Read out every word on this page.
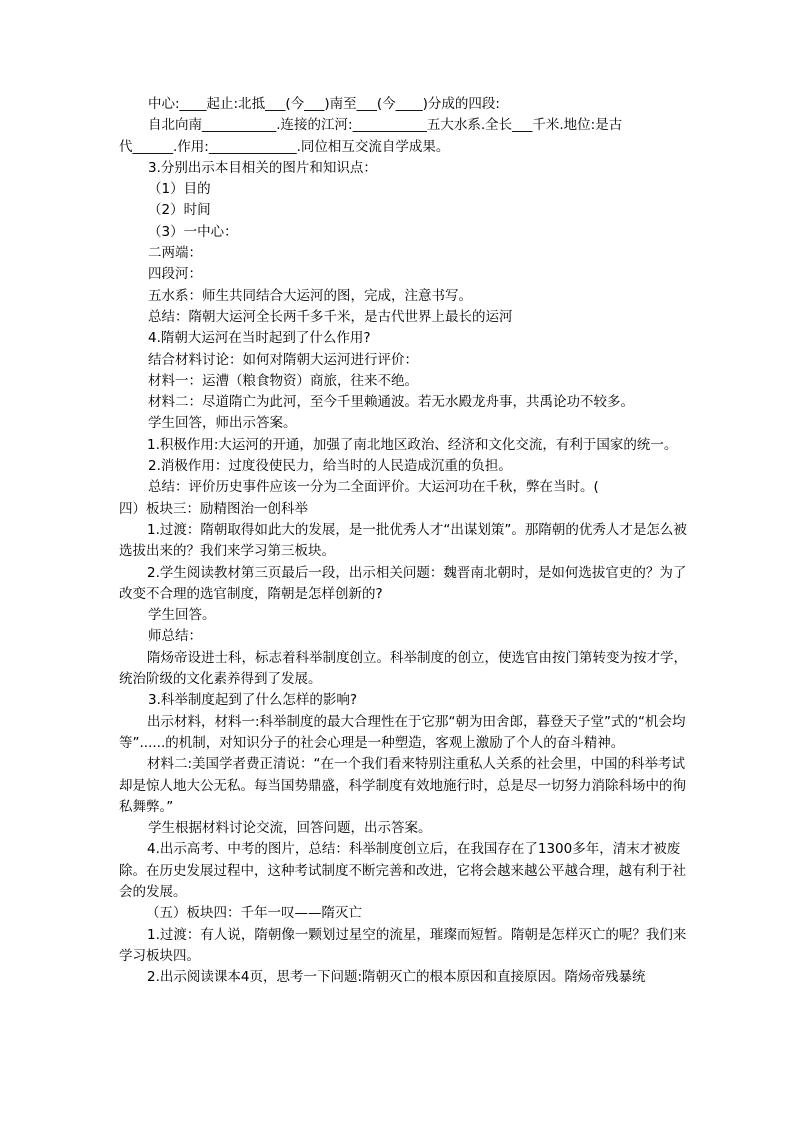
中心:____起止:北抵___(今___)南至___(今____)分成的四段:

自北向南___________.连接的江河:___________五大水系.全长___千米.地位:是古

代______.作用:_____________.同位相互交流自学成果。

3.分别出示本目相关的图片和知识点：

（1）目的

（2）时间

（3）一中心：

二两端：

四段河：

五水系：师生共同结合大运河的图，完成，注意书写。

总结：隋朝大运河全长两千多千米，是古代世界上最长的运河

4.隋朝大运河在当时起到了什么作用?

结合材料讨论：如何对隋朝大运河进行评价：

材料一：运漕（粮食物资）商旅，往来不绝。

材料二：尽道隋亡为此河，至今千里赖通波。若无水殿龙舟事，共禹论功不较多。

学生回答，师出示答案。

1.积极作用:大运河的开通，加强了南北地区政治、经济和文化交流，有利于国家的统一。

2.消极作用：过度役使民力，给当时的人民造成沉重的负担。

总结：评价历史事件应该一分为二全面评价。大运河功在千秋，弊在当时。(

四）板块三：励精图治一创科举

1.过渡：隋朝取得如此大的发展，是一批优秀人才“出谋划策”。那隋朝的优秀人才是怎么被选拔出来的？我们来学习第三板块。

2.学生阅读教材第三页最后一段，出示相关问题：魏晋南北朝时，是如何选拔官吏的？为了改变不合理的选官制度，隋朝是怎样创新的?

学生回答。

师总结：

隋炀帝设进士科，标志着科举制度创立。科举制度的创立，使选官由按门第转变为按才学，统治阶级的文化素养得到了发展。

3.科举制度起到了什么怎样的影响?

出示材料，材料一:科举制度的最大合理性在于它那“朝为田舍郎，暮登天子堂”式的“机会均等”......的机制，对知识分子的社会心理是一种塑造，客观上激励了个人的奋斗精神。

材料二:美国学者费正清说：“在一个我们看来特别注重私人关系的社会里，中国的科举考试却是惊人地大公无私。每当国势鼎盛，科学制度有效地施行时，总是尽一切努力消除科场中的徇私舞弊。”

学生根据材料讨论交流，回答问题，出示答案。

4.出示高考、中考的图片，总结：科举制度创立后，在我国存在了1300多年，清末才被废除。在历史发展过程中，这种考试制度不断完善和改进，它将会越来越公平越合理，越有利于社会的发展。

（五）板块四：千年一叹——隋灭亡

1.过渡：有人说，隋朝像一颗划过星空的流星，璀璨而短暂。隋朝是怎样灭亡的呢？我们来学习板块四。

2.出示阅读课本4页，思考一下问题:隋朝灭亡的根本原因和直接原因。隋炀帝残暴统
